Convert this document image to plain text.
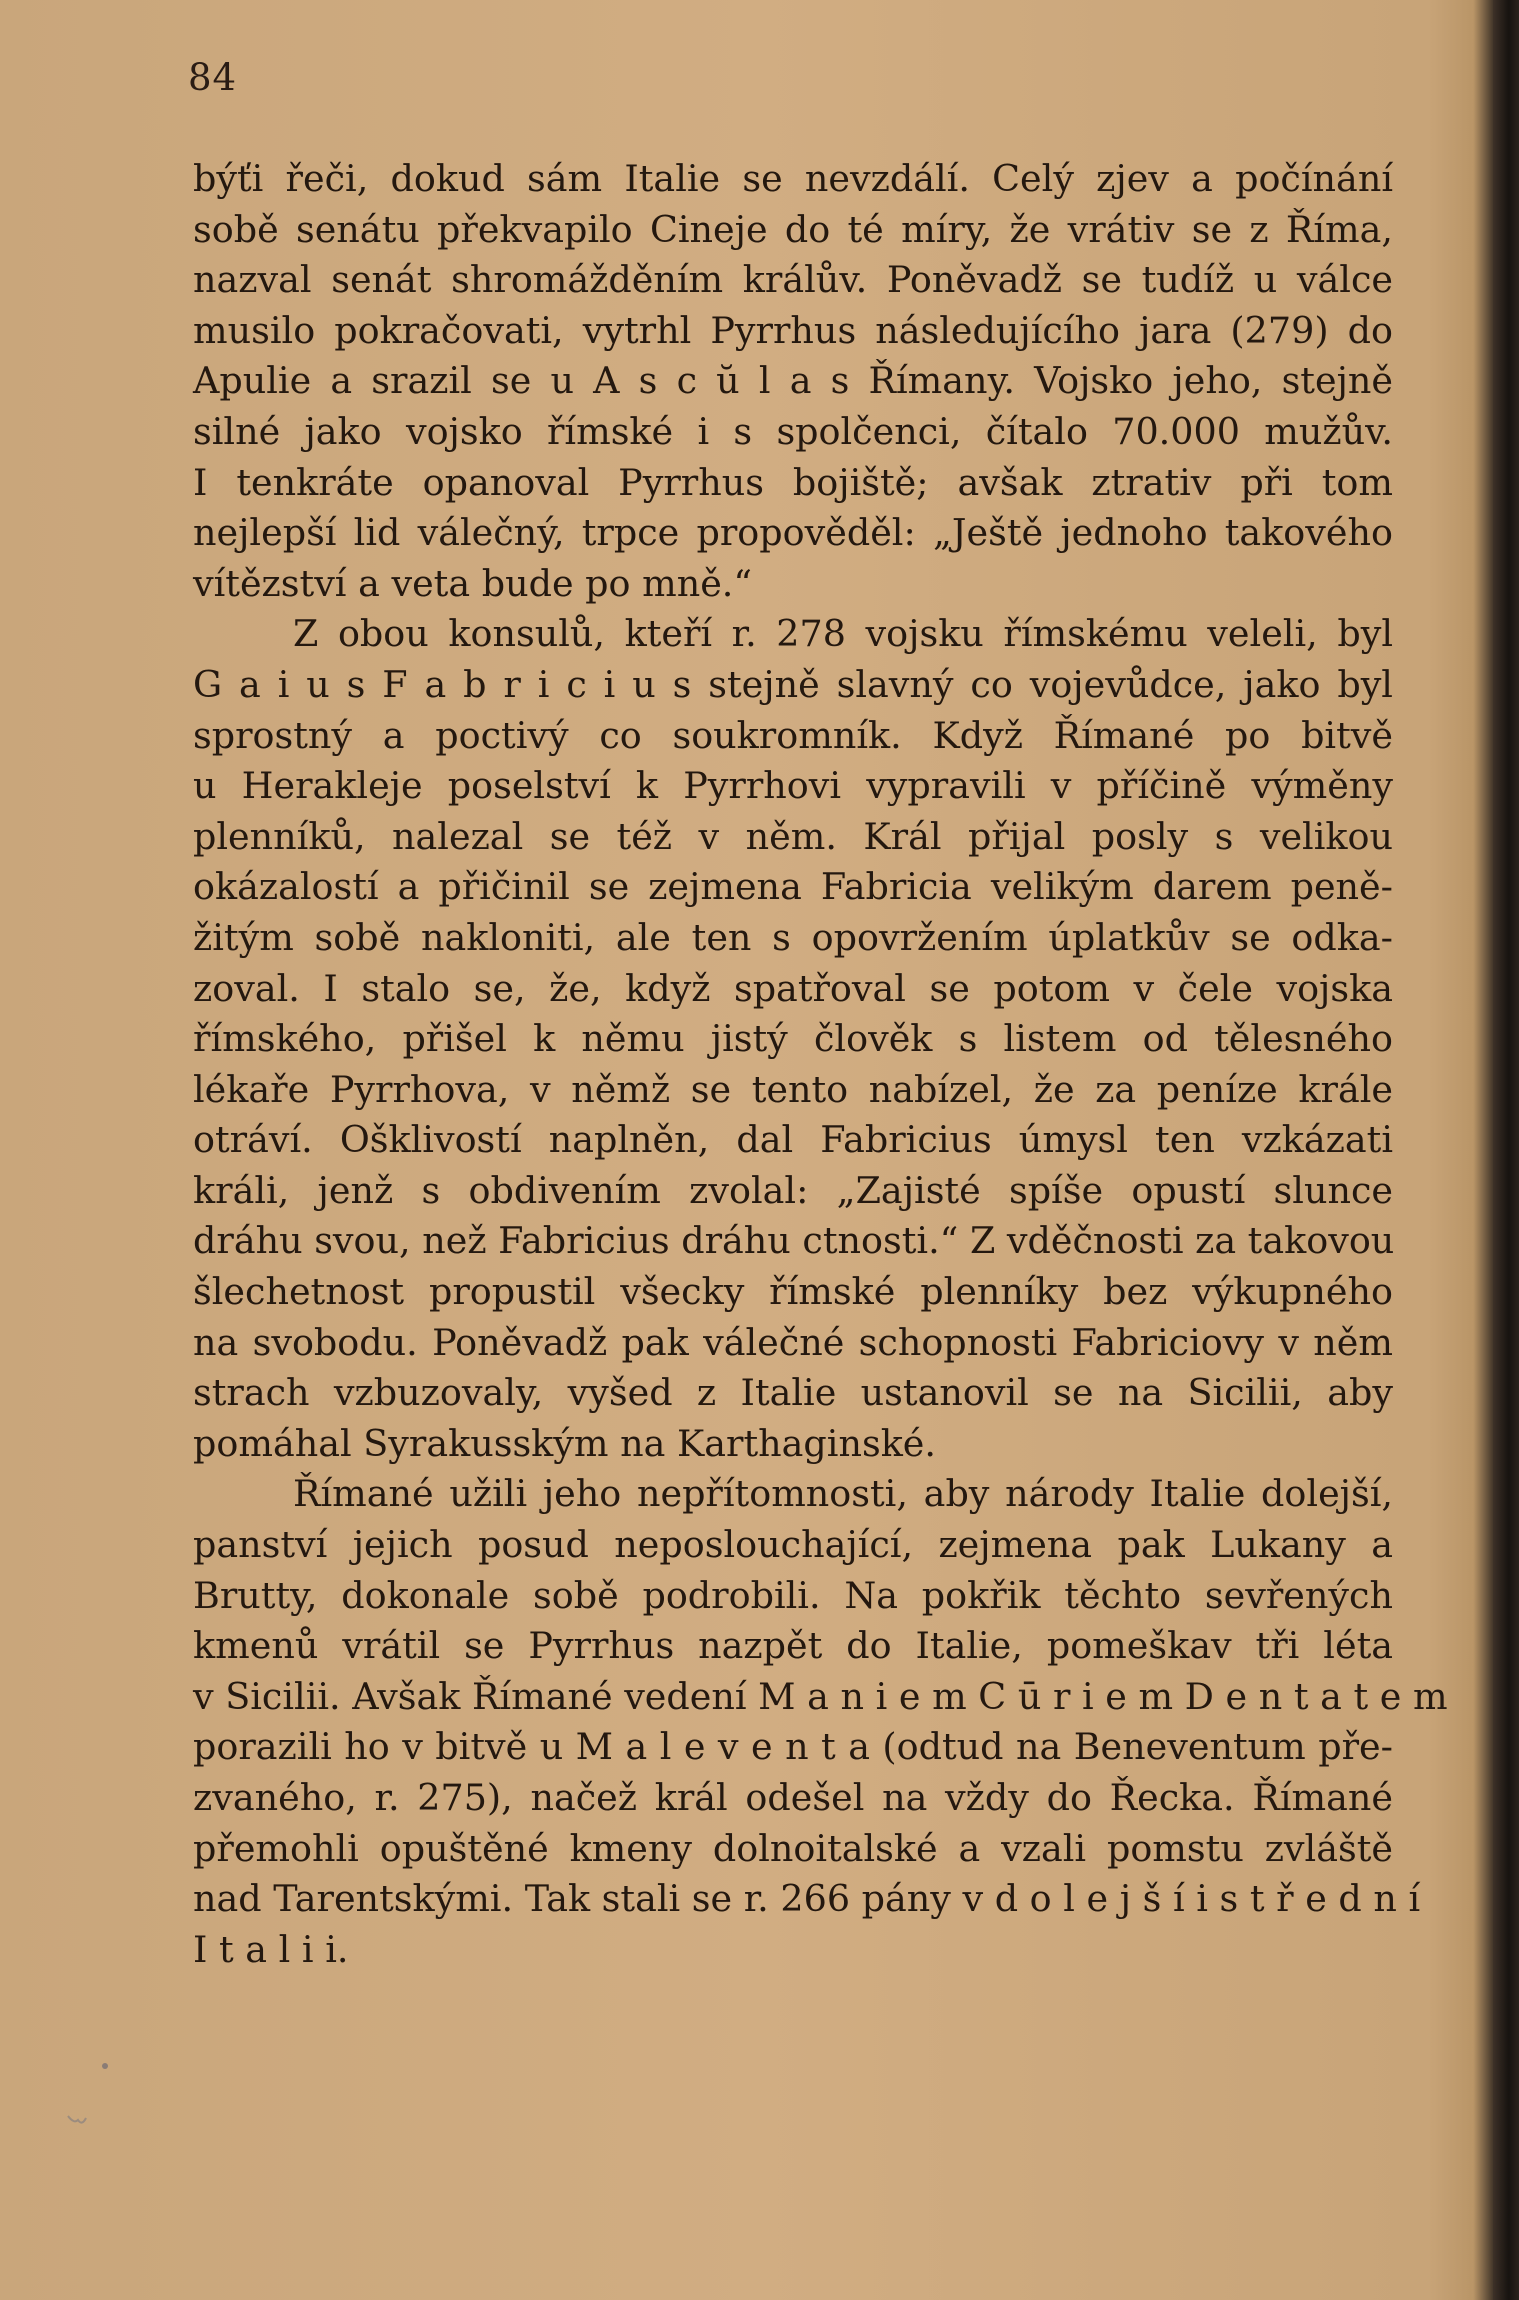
84
býťi řeči, dokud sám Italie se nevzdálí. Celý zjev a počínání
sobě senátu překvapilo Cineje do té míry, že vrátiv se z Říma,
nazval senát shromážděním králův. Poněvadž se tudíž u válce
musilo pokračovati, vytrhl Pyrrhus následujícího jara (279) do
Apulie a srazil se u A s c ŭ l a s Římany. Vojsko jeho, stejně
silné jako vojsko římské i s spolčenci, čítalo 70.000 mužův.
I tenkráte opanoval Pyrrhus bojiště; avšak ztrativ při tom
nejlepší lid válečný, trpce propověděl: „Ještě jednoho takového
vítězství a veta bude po mně.“
Z obou konsulů, kteří r. 278 vojsku římskému veleli, byl
G a i u s F a b r i c i u s stejně slavný co vojevůdce, jako byl
sprostný a poctivý co soukromník. Když Římané po bitvě
u Herakleje poselství k Pyrrhovi vypravili v příčině výměny
plenníků, nalezal se též v něm. Král přijal posly s velikou
okázalostí a přičinil se zejmena Fabricia velikým darem peně-
žitým sobě nakloniti, ale ten s opovržením úplatkův se odka-
zoval. I stalo se, že, když spatřoval se potom v čele vojska
římského, přišel k němu jistý člověk s listem od tělesného
lékaře Pyrrhova, v němž se tento nabízel, že za peníze krále
otráví. Ošklivostí naplněn, dal Fabricius úmysl ten vzkázati
králi, jenž s obdivením zvolal: „Zajisté spíše opustí slunce
dráhu svou, než Fabricius dráhu ctnosti.“ Z vděčnosti za takovou
šlechetnost propustil všecky římské plenníky bez výkupného
na svobodu. Poněvadž pak válečné schopnosti Fabriciovy v něm
strach vzbuzovaly, vyšed z Italie ustanovil se na Sicilii, aby
pomáhal Syrakusským na Karthaginské.
Římané užili jeho nepřítomnosti, aby národy Italie dolejší,
panství jejich posud neposlouchající, zejmena pak Lukany a
Brutty, dokonale sobě podrobili. Na pokřik těchto sevřených
kmenů vrátil se Pyrrhus nazpět do Italie, pomeškav tři léta
v Sicilii. Avšak Římané vedení M a n i e m C ū r i e m D e n t a t e m
porazili ho v bitvě u M a l e v e n t a (odtud na Beneventum pře-
zvaného, r. 275), načež král odešel na vždy do Řecka. Římané
přemohli opuštěné kmeny dolnoitalské a vzali pomstu zvláště
nad Tarentskými. Tak stali se r. 266 pány v d o l e j š í i s t ř e d n í
I t a l i i.
